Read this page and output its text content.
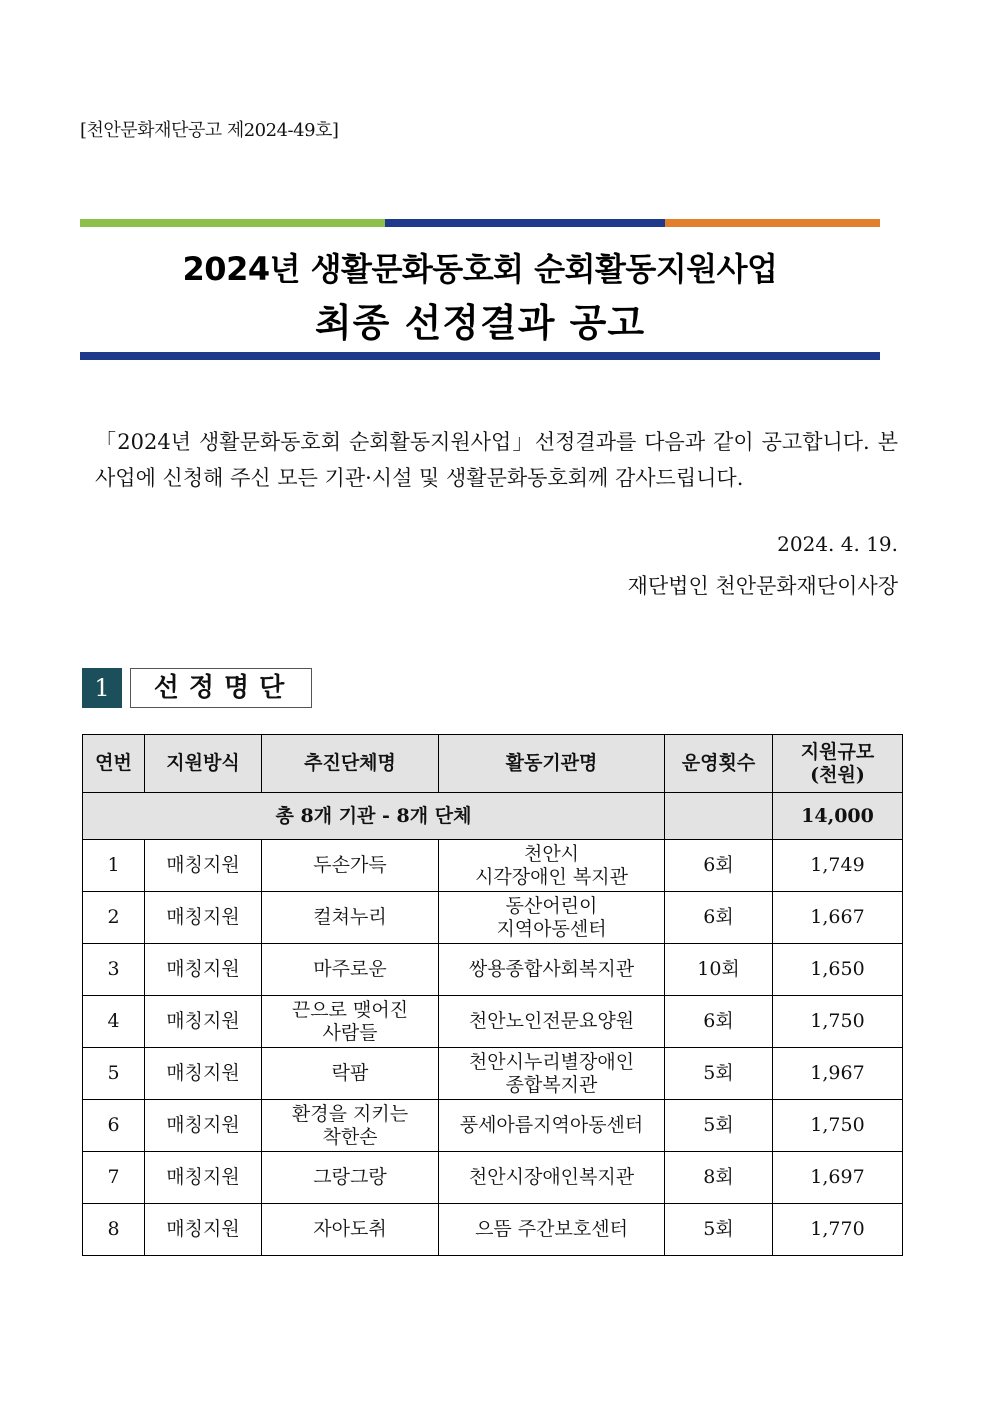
[천안문화재단공고 제2024-49호]
2024년 생활문화동호회 순회활동지원사업
최종 선정결과 공고
「2024년 생활문화동호회 순회활동지원사업」선정결과를 다음과 같이 공고합니다. 본 사업에 신청해 주신 모든 기관·시설 및 생활문화동호회께 감사드립니다.
2024. 4. 19.
재단법인 천안문화재단이사장
1	선정명단
연번	지원방식	추진단체명	활동기관명	운영횟수	지원규모
(천원)
총 8개 기관 - 8개 단체					14,000
1	매칭지원	두손가득	천안시
시각장애인 복지관	6회	1,749
2	매칭지원	컬쳐누리	동산어린이
지역아동센터	6회	1,667
3	매칭지원	마주로운	쌍용종합사회복지관	10회	1,650
4	매칭지원	끈으로 맺어진
사람들	천안노인전문요양원	6회	1,750
5	매칭지원	락팜	천안시누리별장애인
종합복지관	5회	1,967
6	매칭지원	환경을 지키는
착한손	풍세아름지역아동센터	5회	1,750
7	매칭지원	그랑그랑	천안시장애인복지관	8회	1,697
8	매칭지원	자아도취	으뜸 주간보호센터	5회	1,770
